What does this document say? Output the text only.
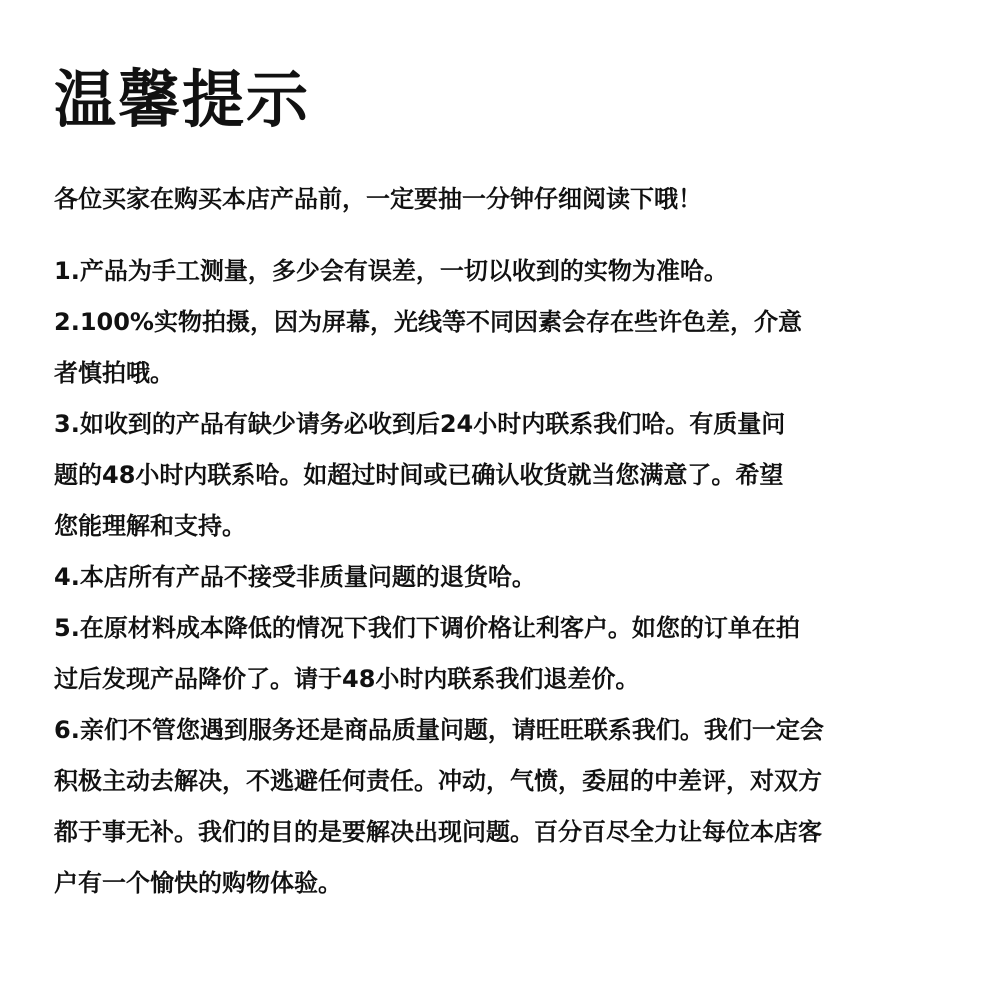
温馨提示
各位买家在购买本店产品前，一定要抽一分钟仔细阅读下哦！
1.产品为手工测量，多少会有误差，一切以收到的实物为准哈。
2.100%实物拍摄，因为屏幕，光线等不同因素会存在些许色差，介意
者慎拍哦。
3.如收到的产品有缺少请务必收到后24小时内联系我们哈。有质量问
题的48小时内联系哈。如超过时间或已确认收货就当您满意了。希望
您能理解和支持。
4.本店所有产品不接受非质量问题的退货哈。
5.在原材料成本降低的情况下我们下调价格让利客户。如您的订单在拍
过后发现产品降价了。请于48小时内联系我们退差价。
6.亲们不管您遇到服务还是商品质量问题，请旺旺联系我们。我们一定会
积极主动去解决，不逃避任何责任。冲动，气愤，委屈的中差评，对双方
都于事无补。我们的目的是要解决出现问题。百分百尽全力让每位本店客
户有一个愉快的购物体验。
